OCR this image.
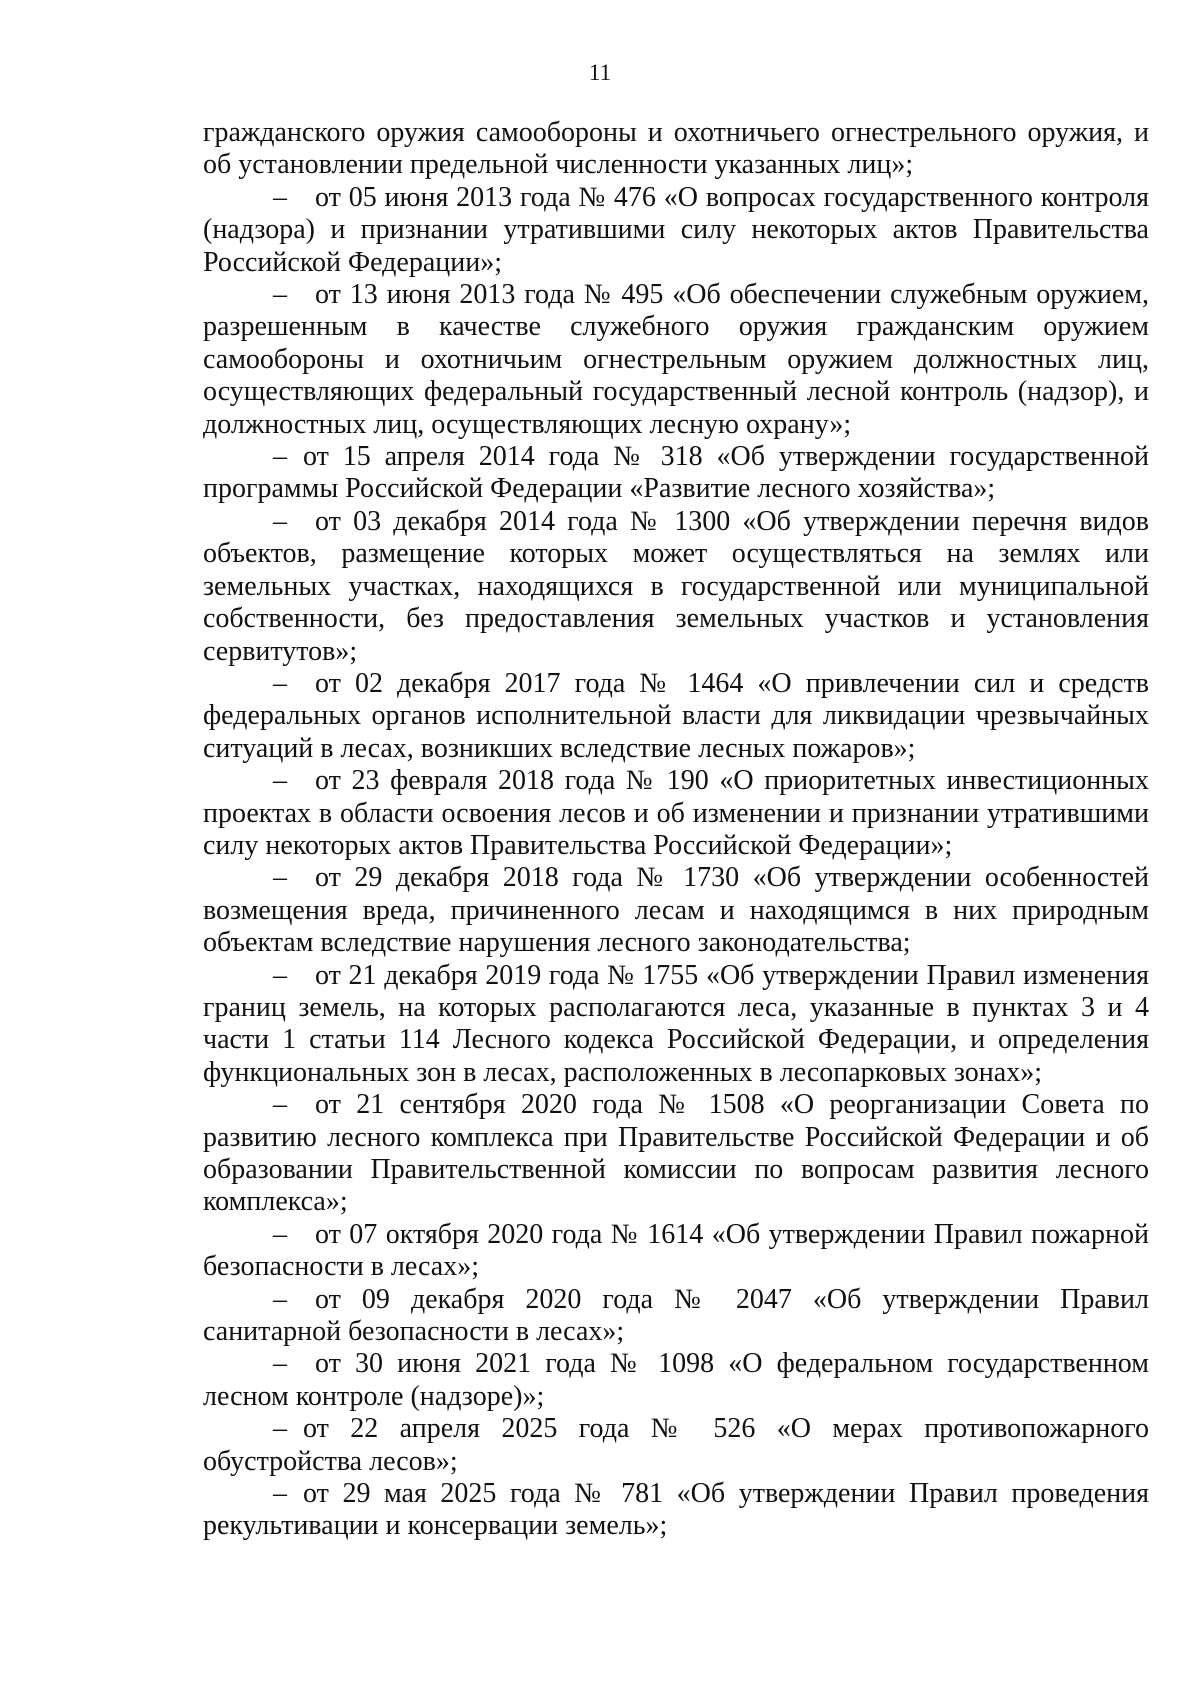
11

гражданского оружия самообороны и охотничьего огнестрельного оружия, и об установлении предельной численности указанных лиц»;

– от 05 июня 2013 года № 476 «О вопросах государственного контроля (надзора) и признании утратившими силу некоторых актов Правительства Российской Федерации»;

– от 13 июня 2013 года № 495 «Об обеспечении служебным оружием, разрешенным в качестве служебного оружия гражданским оружием самообороны и охотничьим огнестрельным оружием должностных лиц, осуществляющих федеральный государственный лесной контроль (надзор), и должностных лиц, осуществляющих лесную охрану»;

– от 15 апреля 2014 года № 318 «Об утверждении государственной программы Российской Федерации «Развитие лесного хозяйства»;

– от 03 декабря 2014 года № 1300 «Об утверждении перечня видов объектов, размещение которых может осуществляться на землях или земельных участках, находящихся в государственной или муниципальной собственности, без предоставления земельных участков и установления сервитутов»;

– от 02 декабря 2017 года № 1464 «О привлечении сил и средств федеральных органов исполнительной власти для ликвидации чрезвычайных ситуаций в лесах, возникших вследствие лесных пожаров»;

– от 23 февраля 2018 года № 190 «О приоритетных инвестиционных проектах в области освоения лесов и об изменении и признании утратившими силу некоторых актов Правительства Российской Федерации»;

– от 29 декабря 2018 года № 1730 «Об утверждении особенностей возмещения вреда, причиненного лесам и находящимся в них природным объектам вследствие нарушения лесного законодательства;

– от 21 декабря 2019 года № 1755 «Об утверждении Правил изменения границ земель, на которых располагаются леса, указанные в пунктах 3 и 4 части 1 статьи 114 Лесного кодекса Российской Федерации, и определения функциональных зон в лесах, расположенных в лесопарковых зонах»;

– от 21 сентября 2020 года № 1508 «О реорганизации Совета по развитию лесного комплекса при Правительстве Российской Федерации и об образовании Правительственной комиссии по вопросам развития лесного комплекса»;

– от 07 октября 2020 года № 1614 «Об утверждении Правил пожарной безопасности в лесах»;

– от 09 декабря 2020 года № 2047 «Об утверждении Правил санитарной безопасности в лесах»;

– от 30 июня 2021 года № 1098 «О федеральном государственном лесном контроле (надзоре)»;

– от 22 апреля 2025 года № 526 «О мерах противопожарного обустройства лесов»;

– от 29 мая 2025 года № 781 «Об утверждении Правил проведения рекультивации и консервации земель»;
